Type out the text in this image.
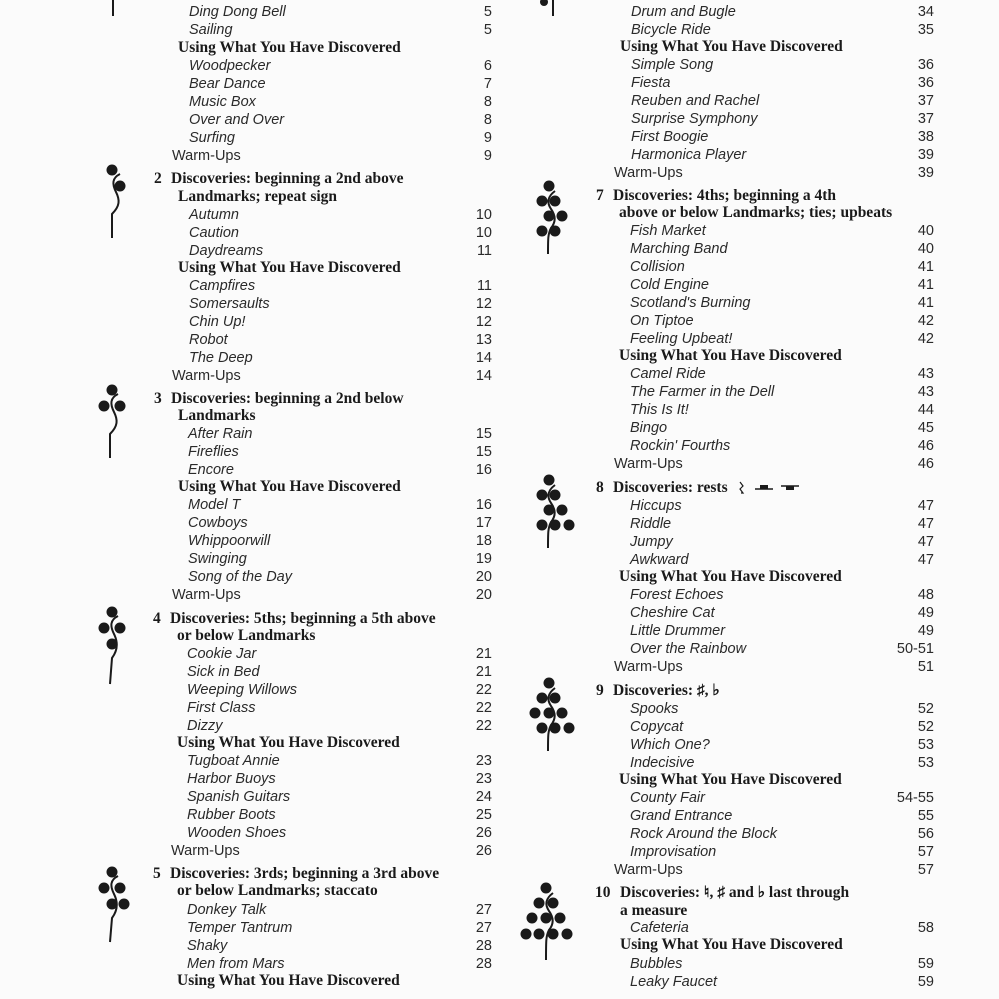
Ding Dong Bell	5
Sailing	5
Using What You Have Discovered
Woodpecker	6
Bear Dance	7
Music Box	8
Over and Over	8
Surfing	9
Warm-Ups	9
2 Discoveries: beginning a 2nd above
Landmarks; repeat sign
Autumn	10
Caution	10
Daydreams	11
Using What You Have Discovered
Campfires	11
Somersaults	12
Chin Up!	12
Robot	13
The Deep	14
Warm-Ups	14
3 Discoveries: beginning a 2nd below
Landmarks
After Rain	15
Fireflies	15
Encore	16
Using What You Have Discovered
Model T	16
Cowboys	17
Whippoorwill	18
Swinging	19
Song of the Day	20
Warm-Ups	20
4 Discoveries: 5ths; beginning a 5th above
or below Landmarks
Cookie Jar	21
Sick in Bed	21
Weeping Willows	22
First Class	22
Dizzy	22
Using What You Have Discovered
Tugboat Annie	23
Harbor Buoys	23
Spanish Guitars	24
Rubber Boots	25
Wooden Shoes	26
Warm-Ups	26
5 Discoveries: 3rds; beginning a 3rd above
or below Landmarks; staccato
Donkey Talk	27
Temper Tantrum	27
Shaky	28
Men from Mars	28
Using What You Have Discovered
Drum and Bugle	34
Bicycle Ride	35
Using What You Have Discovered
Simple Song	36
Fiesta	36
Reuben and Rachel	37
Surprise Symphony	37
First Boogie	38
Harmonica Player	39
Warm-Ups	39
7 Discoveries: 4ths; beginning a 4th
above or below Landmarks; ties; upbeats
Fish Market	40
Marching Band	40
Collision	41
Cold Engine	41
Scotland's Burning	41
On Tiptoe	42
Feeling Upbeat!	42
Using What You Have Discovered
Camel Ride	43
The Farmer in the Dell	43
This Is It!	44
Bingo	45
Rockin' Fourths	46
Warm-Ups	46
8 Discoveries: rests
Hiccups	47
Riddle	47
Jumpy	47
Awkward	47
Using What You Have Discovered
Forest Echoes	48
Cheshire Cat	49
Little Drummer	49
Over the Rainbow	50-51
Warm-Ups	51
9 Discoveries: ♯, ♭
Spooks	52
Copycat	52
Which One?	53
Indecisive	53
Using What You Have Discovered
County Fair	54-55
Grand Entrance	55
Rock Around the Block	56
Improvisation	57
Warm-Ups	57
10 Discoveries: ♮, ♯ and ♭ last through
a measure
Cafeteria	58
Using What You Have Discovered
Bubbles	59
Leaky Faucet	59
